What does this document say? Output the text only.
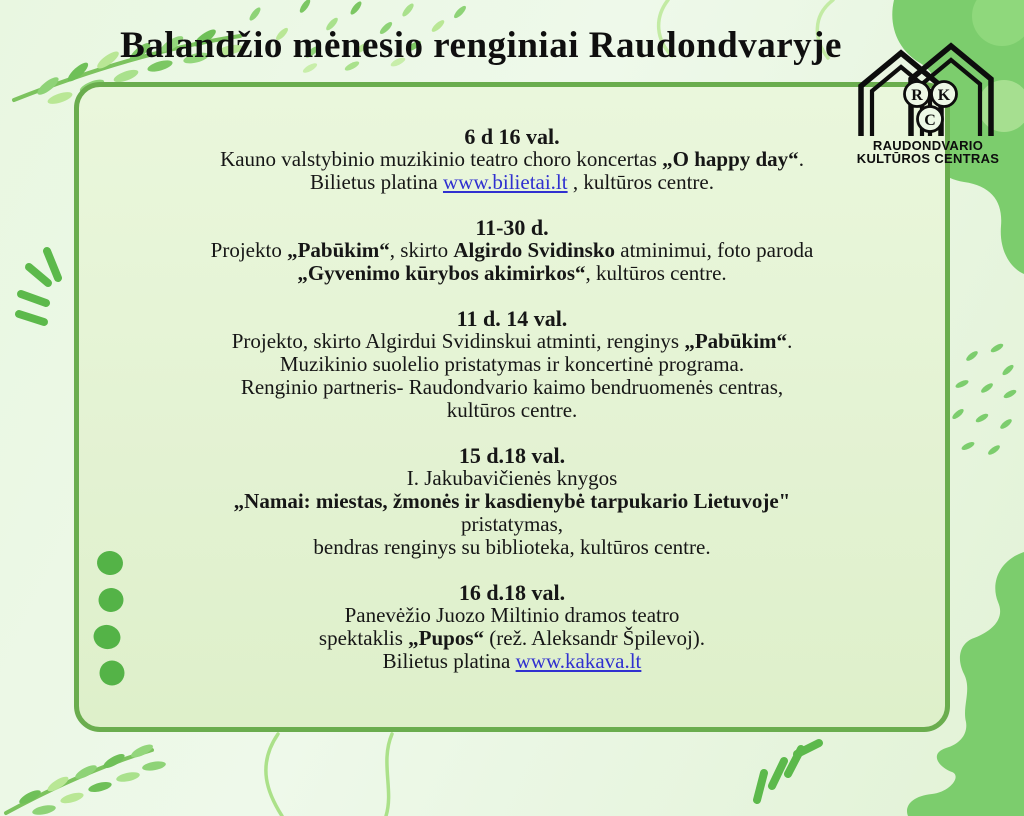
Balandžio mėnesio renginiai Raudondvaryje
6 d 16 val.
Kauno valstybinio muzikinio teatro choro koncertas „O happy day“.
Bilietus platina www.bilietai.lt , kultūros centre.
11-30 d.
Projekto „Pabūkim“, skirto Algirdo Svidinsko atminimui, foto paroda
„Gyvenimo kūrybos akimirkos“, kultūros centre.
11 d. 14 val.
Projekto, skirto Algirdui Svidinskui atminti, renginys „Pabūkim“.
Muzikinio suolelio pristatymas ir koncertinė programa.
Renginio partneris- Raudondvario kaimo bendruomenės centras,
kultūros centre.
15 d.18 val.
I. Jakubavičienės knygos
„Namai: miestas, žmonės ir kasdienybė tarpukario Lietuvoje"
pristatymas,
bendras renginys su biblioteka, kultūros centre.
16 d.18 val.
Panevėžio Juozo Miltinio dramos teatro
spektaklis „Pupos“ (rež. Aleksandr Špilevoj).
Bilietus platina www.kakava.lt
R K
C
RAUDONDVARIO
KULTŪROS CENTRAS
